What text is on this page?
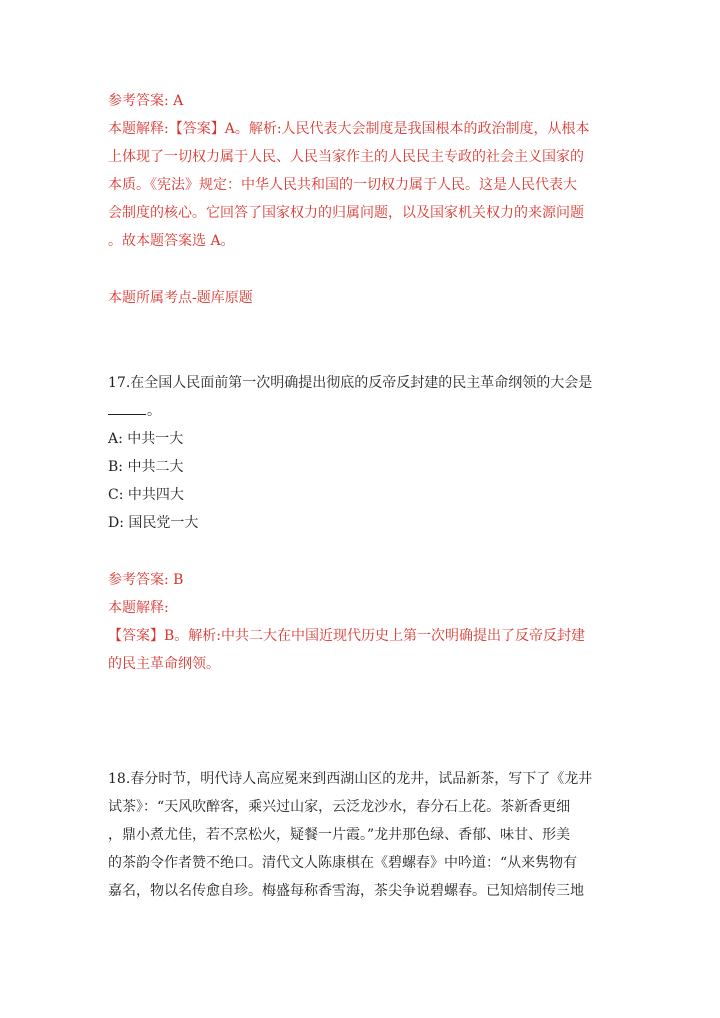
参考答案: A
本题解释:【答案】A。解析:人民代表大会制度是我国根本的政治制度，从根本
上体现了一切权力属于人民、人民当家作主的人民民主专政的社会主义国家的
本质。《宪法》规定：中华人民共和国的一切权力属于人民。这是人民代表大
会制度的核心。它回答了国家权力的归属问题，以及国家机关权力的来源问题
。故本题答案选 A。
本题所属考点-题库原题
17.在全国人民面前第一次明确提出彻底的反帝反封建的民主革命纲领的大会是
。
A: 中共一大
B: 中共二大
C: 中共四大
D: 国民党一大
参考答案: B
本题解释:
【答案】B。解析:中共二大在中国近现代历史上第一次明确提出了反帝反封建
的民主革命纲领。
18.春分时节，明代诗人高应冕来到西湖山区的龙井，试品新茶，写下了《龙井
试茶》：“天风吹醉客，乘兴过山家，云泛龙沙水，春分石上花。茶新香更细
，鼎小煮尤佳，若不烹松火，疑餐一片霞。”龙井那色绿、香郁、味甘、形美
的茶韵令作者赞不绝口。清代文人陈康棋在《碧螺春》中吟道：“从来隽物有
嘉名，物以名传愈自珍。梅盛每称香雪海，茶尖争说碧螺春。已知焙制传三地
